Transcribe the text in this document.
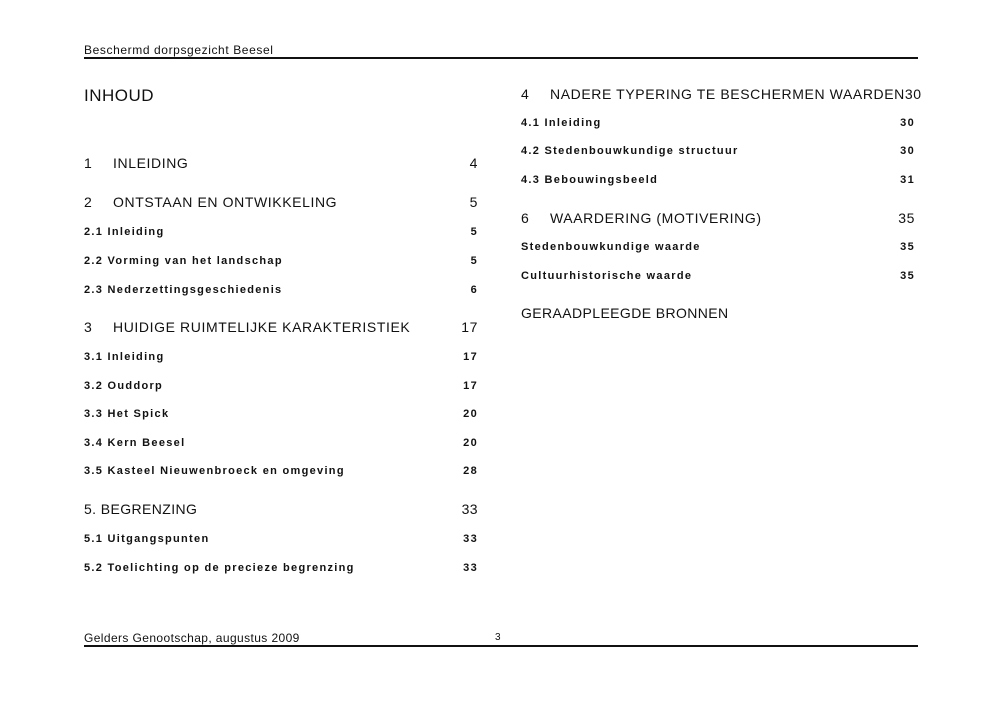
Beschermd dorpsgezicht Beesel
INHOUD
1 INLEIDING	4
2 ONTSTAAN EN ONTWIKKELING	5
2.1 Inleiding	5
2.2 Vorming van het landschap	5
2.3 Nederzettingsgeschiedenis	6
3 HUIDIGE RUIMTELIJKE KARAKTERISTIEK	17
3.1 Inleiding	17
3.2 Ouddorp	17
3.3 Het Spick	20
3.4 Kern Beesel	20
3.5 Kasteel Nieuwenbroeck en omgeving	28
5. BEGRENZING	33
5.1 Uitgangspunten	33
5.2 Toelichting op de precieze begrenzing	33
4 NADERE TYPERING TE BESCHERMEN WAARDEN 30
4.1 Inleiding	30
4.2 Stedenbouwkundige structuur	30
4.3 Bebouwingsbeeld	31
6 WAARDERING (MOTIVERING)	35
Stedenbouwkundige waarde	35
Cultuurhistorische waarde	35
GERAADPLEEGDE BRONNEN
Gelders Genootschap, augustus 2009	3
